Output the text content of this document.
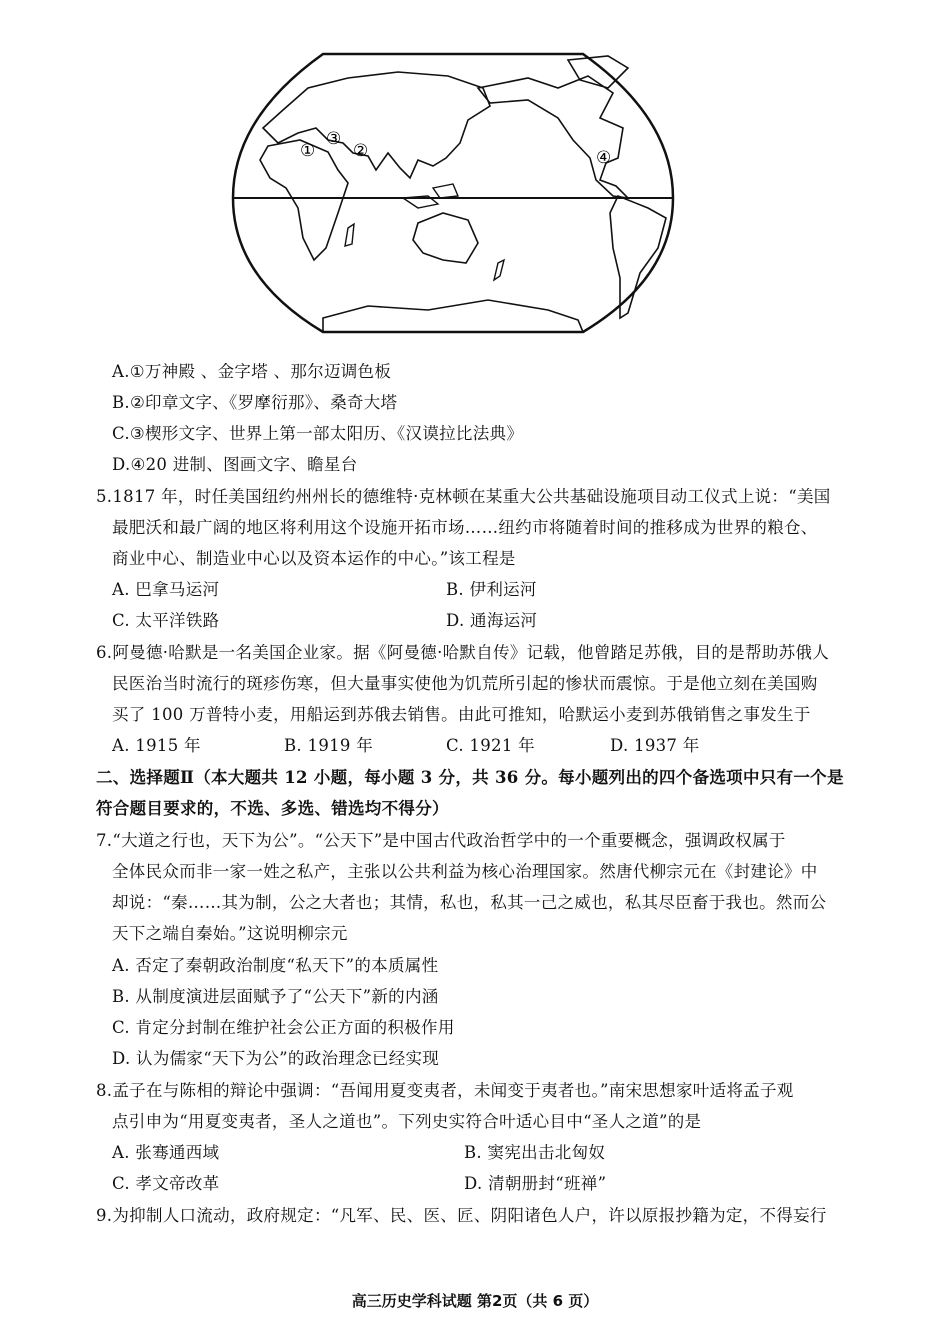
① ②
③
④
A.①万神殿 、金字塔 、那尔迈调色板
B.②印章文字、《罗摩衍那》、桑奇大塔
C.③楔形文字、世界上第一部太阳历、《汉谟拉比法典》
D.④20 进制、图画文字、瞻星台
5.1817 年，时任美国纽约州州长的德维特·克林顿在某重大公共基础设施项目动工仪式上说：“美国
最肥沃和最广阔的地区将利用这个设施开拓市场……纽约市将随着时间的推移成为世界的粮仓、
商业中心、制造业中心以及资本运作的中心。”该工程是
A. 巴拿马运河	B. 伊利运河
C. 太平洋铁路	D. 通海运河
6.阿曼德·哈默是一名美国企业家。据《阿曼德·哈默自传》记载，他曾踏足苏俄，目的是帮助苏俄人
民医治当时流行的斑疹伤寒，但大量事实使他为饥荒所引起的惨状而震惊。于是他立刻在美国购
买了 100 万普特小麦，用船运到苏俄去销售。由此可推知，哈默运小麦到苏俄销售之事发生于
A. 1915 年	B. 1919 年	C. 1921 年	D. 1937 年
二、选择题Ⅱ（本大题共 12 小题，每小题 3 分，共 36 分。每小题列出的四个备选项中只有一个是
符合题目要求的，不选、多选、错选均不得分）
7.“大道之行也，天下为公”。“公天下”是中国古代政治哲学中的一个重要概念，强调政权属于
全体民众而非一家一姓之私产，主张以公共利益为核心治理国家。然唐代柳宗元在《封建论》中
却说：“秦……其为制，公之大者也；其情，私也，私其一己之威也，私其尽臣畜于我也。然而公
天下之端自秦始。”这说明柳宗元
A. 否定了秦朝政治制度“私天下”的本质属性
B. 从制度演进层面赋予了“公天下”新的内涵
C. 肯定分封制在维护社会公正方面的积极作用
D. 认为儒家“天下为公”的政治理念已经实现
8.孟子在与陈相的辩论中强调：“吾闻用夏变夷者，未闻变于夷者也。”南宋思想家叶适将孟子观
点引申为“用夏变夷者，圣人之道也”。下列史实符合叶适心目中“圣人之道”的是
A. 张骞通西域	B. 窦宪出击北匈奴
C. 孝文帝改革	D. 清朝册封“班禅”
9.为抑制人口流动，政府规定：“凡军、民、医、匠、阴阳诸色人户，许以原报抄籍为定，不得妄行
高三历史学科试题 第2页（共 6 页）
